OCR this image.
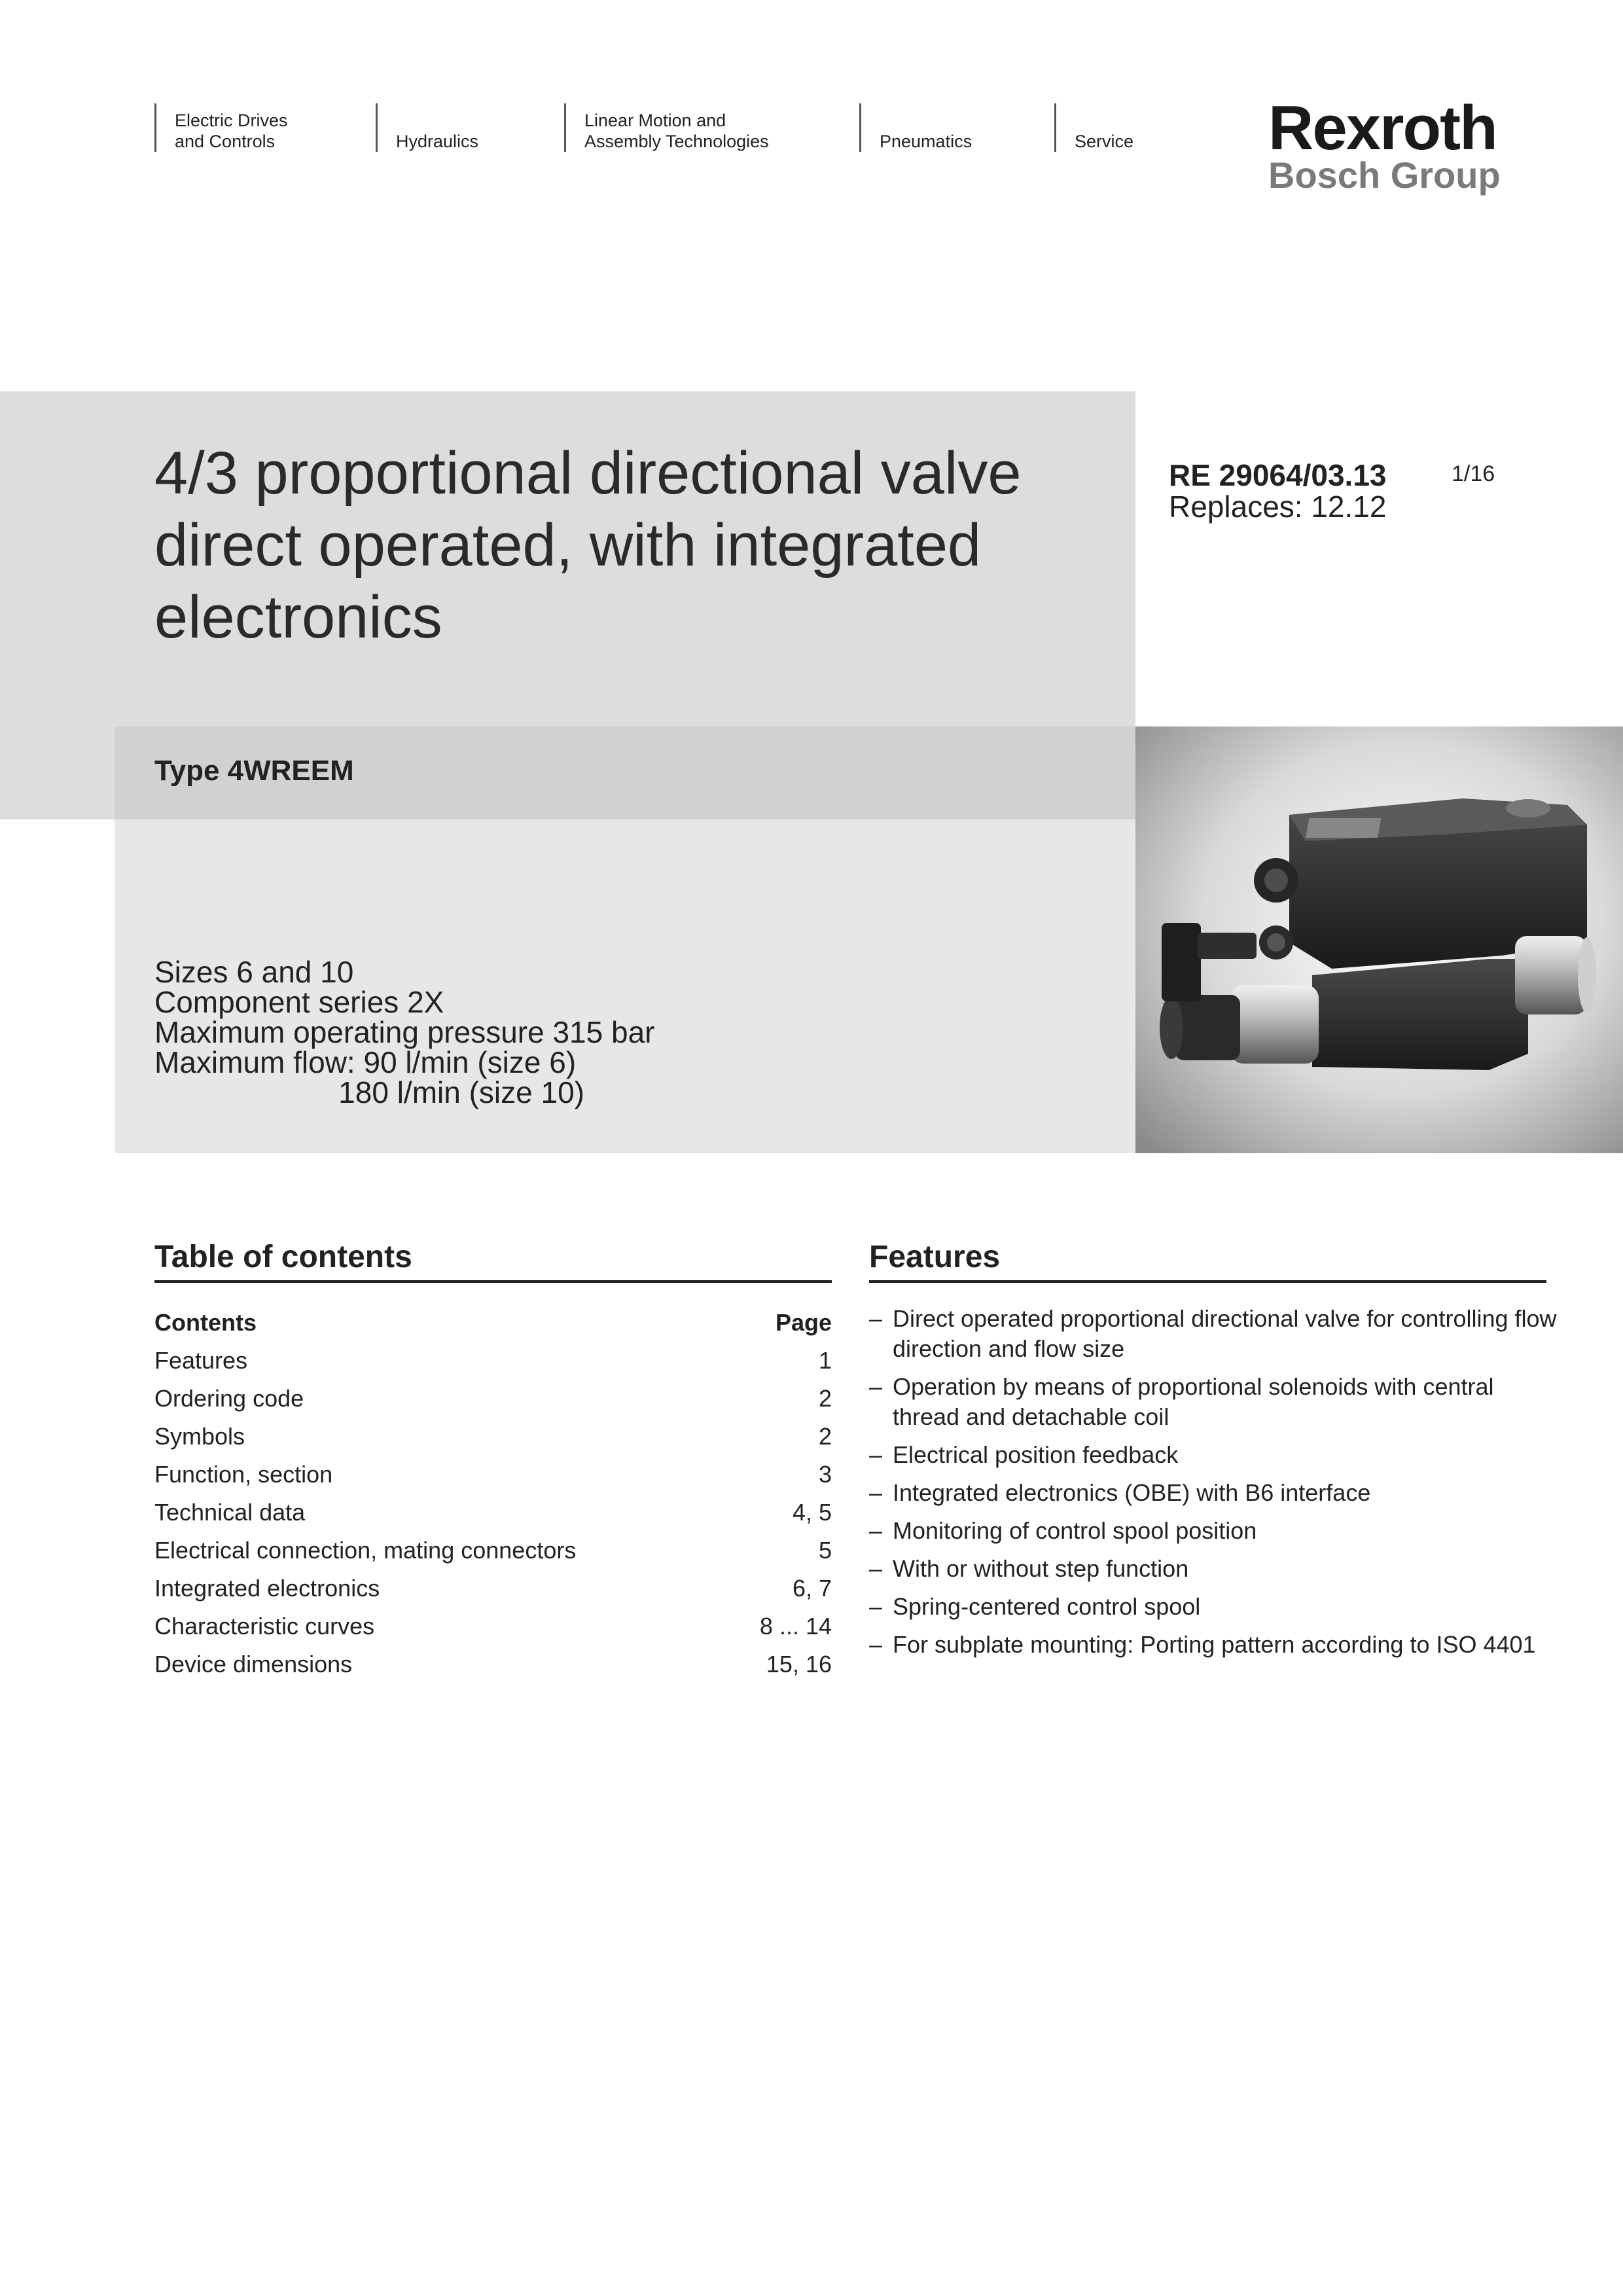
Electric Drives
and Controls	Hydraulics
Linear Motion and
Assembly Technologies	Pneumatics	Service Rexroth
Bosch Group
4/3 proportional directional valve
direct operated, with integrated
electronics
RE 29064/03.13
Replaces: 12.12
1/16
Type 4WREEM
Sizes 6 and 10
Component series 2X
Maximum operating pressure 315 bar
Maximum flow: 90 l/min (size 6)
180 l/min (size 10)
Table of contents
Contents	Page
Features	1
Ordering code	2
Symbols	2
Function, section	3
Technical data	4, 5
Electrical connection, mating connectors	5
Integrated electronics	6, 7
Characteristic curves	8 ... 14
Device dimensions	15, 16
Features
– Direct operated proportional directional valve for controlling flow direction and flow size
– Operation by means of proportional solenoids with central thread and detachable coil
– Electrical position feedback
– Integrated electronics (OBE) with B6 interface
– Monitoring of control spool position
– With or without step function
– Spring-centered control spool
– For subplate mounting: Porting pattern according to ISO 4401
